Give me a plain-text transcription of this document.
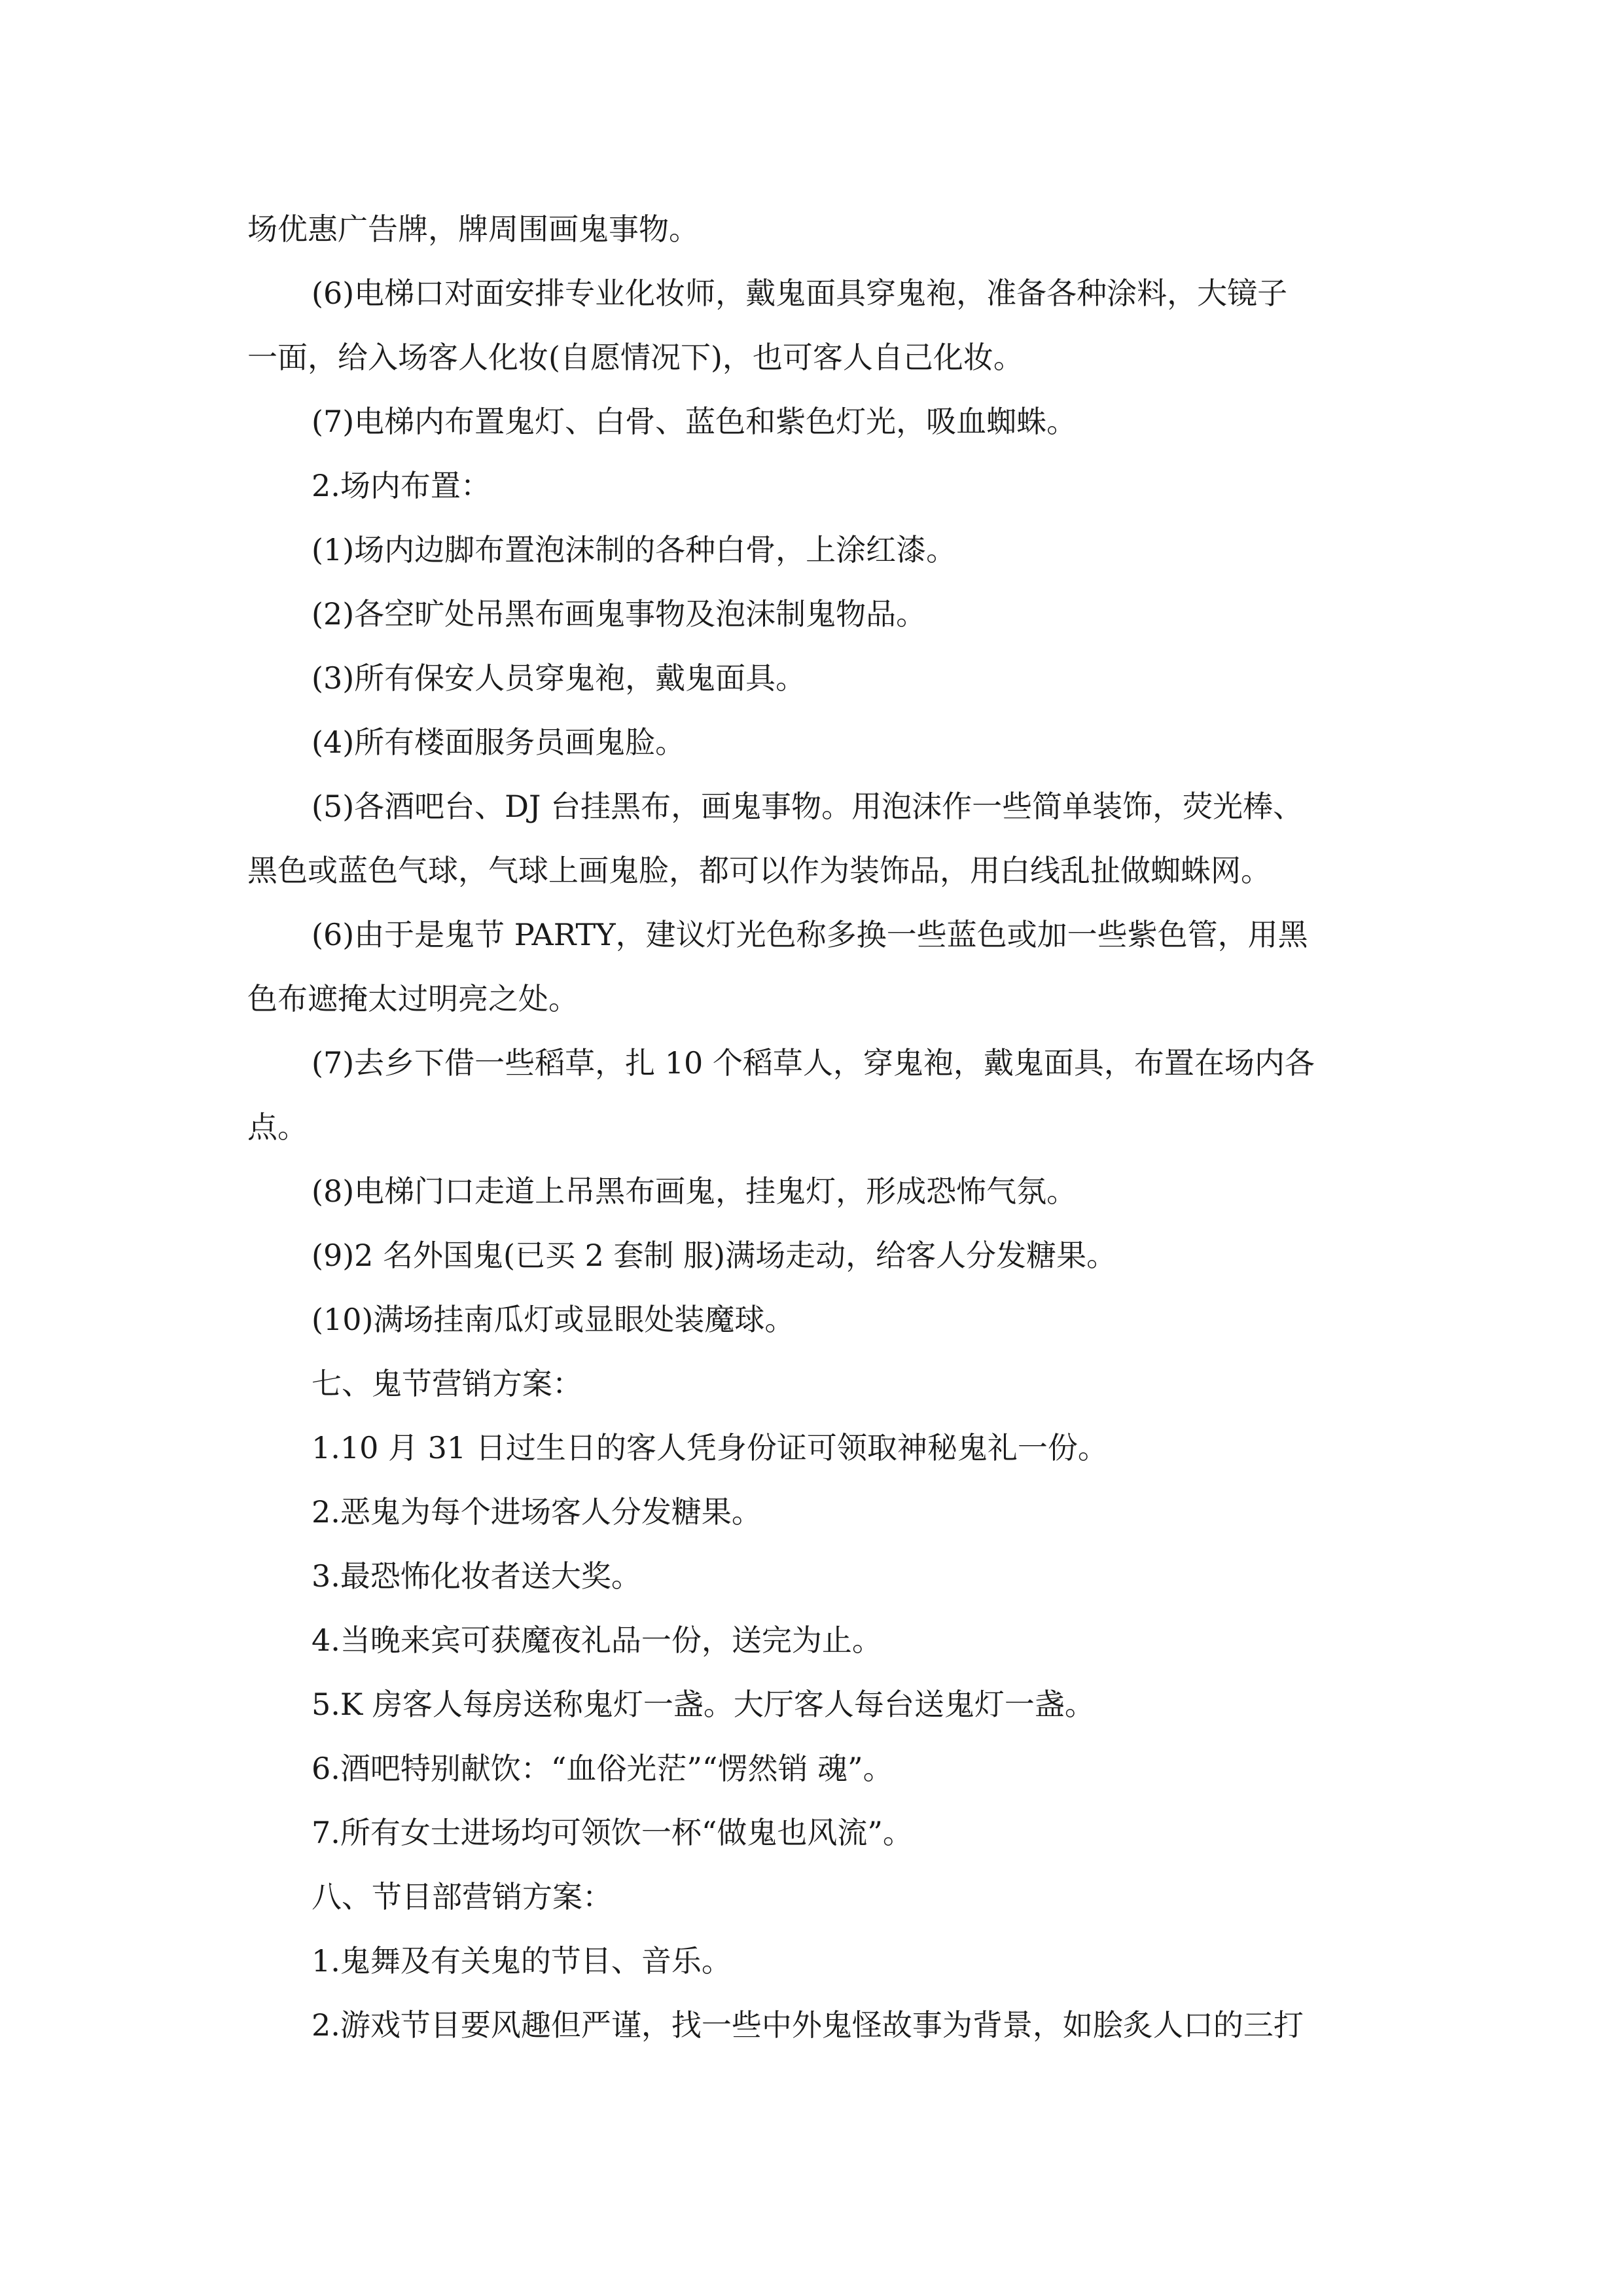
场优惠广告牌，牌周围画鬼事物。
(6)电梯口对面安排专业化妆师，戴鬼面具穿鬼袍，准备各种涂料，大镜子
一面，给入场客人化妆(自愿情况下)，也可客人自己化妆。
(7)电梯内布置鬼灯、白骨、蓝色和紫色灯光，吸血蜘蛛。
2.场内布置：
(1)场内边脚布置泡沫制的各种白骨，上涂红漆。
(2)各空旷处吊黑布画鬼事物及泡沫制鬼物品。
(3)所有保安人员穿鬼袍，戴鬼面具。
(4)所有楼面服务员画鬼脸。
(5)各酒吧台、DJ 台挂黑布，画鬼事物。用泡沫作一些简单装饰，荧光棒、
黑色或蓝色气球，气球上画鬼脸，都可以作为装饰品，用白线乱扯做蜘蛛网。
(6)由于是鬼节 PARTY，建议灯光色称多换一些蓝色或加一些紫色管，用黑
色布遮掩太过明亮之处。
(7)去乡下借一些稻草，扎 10 个稻草人，穿鬼袍，戴鬼面具，布置在场内各
点。
(8)电梯门口走道上吊黑布画鬼，挂鬼灯，形成恐怖气氛。
(9)2 名外国鬼(已买 2 套制 服)满场走动，给客人分发糖果。
(10)满场挂南瓜灯或显眼处装魔球。
七、鬼节营销方案：
1.10 月 31 日过生日的客人凭身份证可领取神秘鬼礼一份。
2.恶鬼为每个进场客人分发糖果。
3.最恐怖化妆者送大奖。
4.当晚来宾可获魔夜礼品一份，送完为止。
5.K 房客人每房送称鬼灯一盏。大厅客人每台送鬼灯一盏。
6.酒吧特别献饮：“血俗光茫”“愣然销 魂”。
7.所有女士进场均可领饮一杯“做鬼也风流”。
八、节目部营销方案：
1.鬼舞及有关鬼的节目、音乐。
2.游戏节目要风趣但严谨，找一些中外鬼怪故事为背景，如脍炙人口的三打
